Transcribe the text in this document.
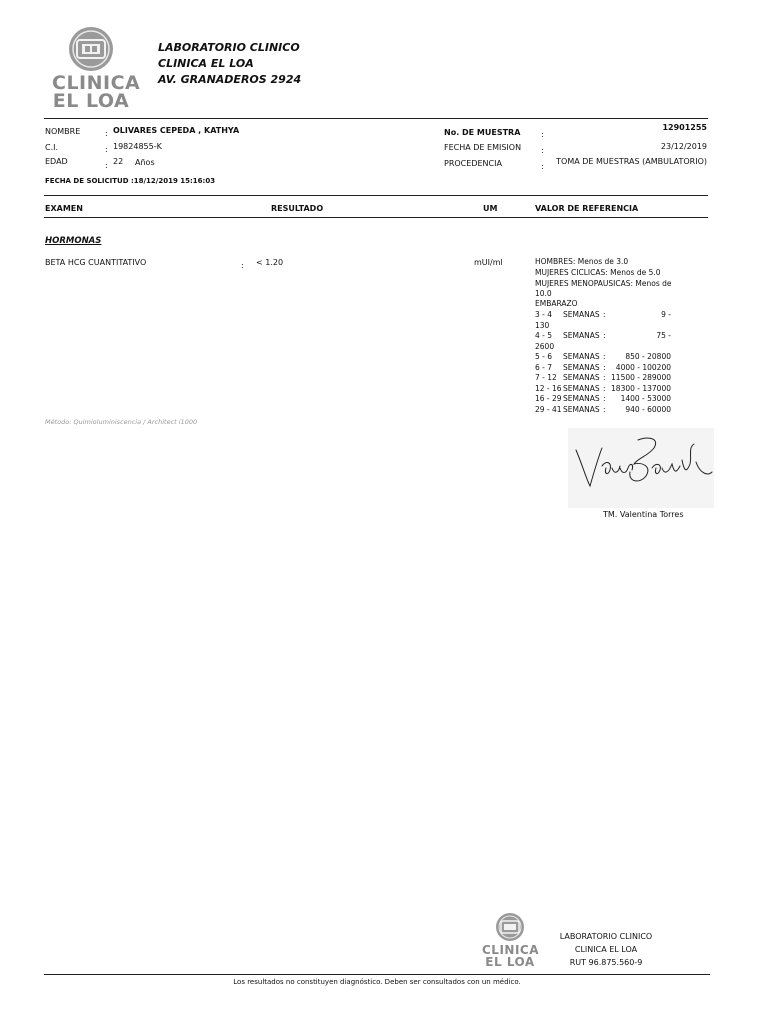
CLINICA
EL LOA
LABORATORIO CLINICO
CLINICA EL LOA
AV. GRANADEROS 2924
NOMBRE	: OLIVARES CEPEDA , KATHYA
C.I.	: 19824855-K
EDAD	: 22 Años
FECHA DE SOLICITUD :18/12/2019 15:16:03
No. DE MUESTRA	:
12901255
FECHA DE EMISION :	23/12/2019
PROCEDENCIA	:
TOMA DE MUESTRAS (AMBULATORIO)
EXAMEN	RESULTADO	UM	VALOR DE REFERENCIA
HORMONAS
BETA HCG CUANTITATIVO	: < 1.20	mUI/ml	HOMBRES: Menos de 3.0
MUJERES CICLICAS: Menos de 5.0
MUJERES MENOPAUSICAS: Menos de
10.0
EMBARAZO
3 - 4 SEMANAS :	9 -
130
4 - 5 SEMANAS :	75 -
2600
5 - 6 SEMANAS :	850 - 20800
6 - 7 SEMANAS : 4000 - 100200
7 - 12 SEMANAS : 11500 - 289000
12 - 16 SEMANAS : 18300 - 137000
16 - 29 SEMANAS : 1400 - 53000
29 - 41 SEMANAS :	940 - 60000
Método: Quimioluminiscencia / Architect i1000
TM. Valentina Torres
CLINICA
EL LOA
LABORATORIO CLINICO
CLINICA EL LOA
RUT 96.875.560-9
Los resultados no constituyen diagnóstico. Deben ser consultados con un médico.
